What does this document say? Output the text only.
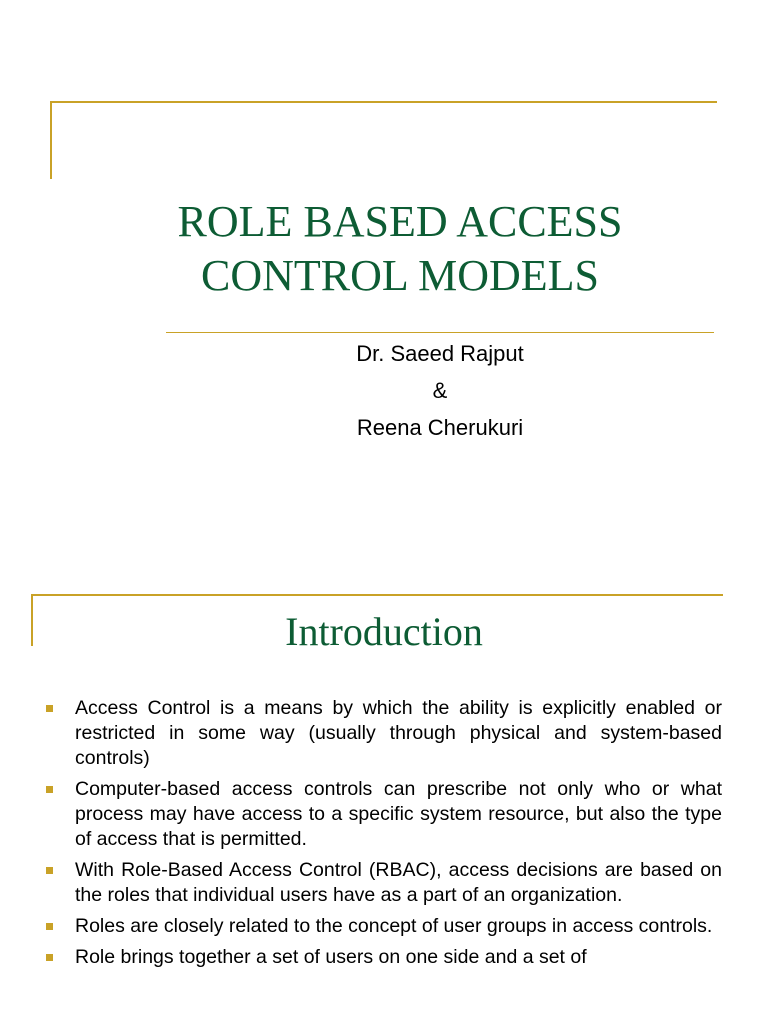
ROLE BASED ACCESS
CONTROL MODELS
Dr. Saeed Rajput
&
Reena Cherukuri
Introduction
Access Control is a means by which the ability is explicitly enabled or restricted in some way (usually through physical and system-based controls)
Computer-based access controls can prescribe not only who or what process may have access to a specific system resource, but also the type of access that is permitted.
With Role-Based Access Control (RBAC), access decisions are based on the roles that individual users have as a part of an organization.
Roles are closely related to the concept of user groups in access controls.
Role brings together a set of users on one side and a set of
